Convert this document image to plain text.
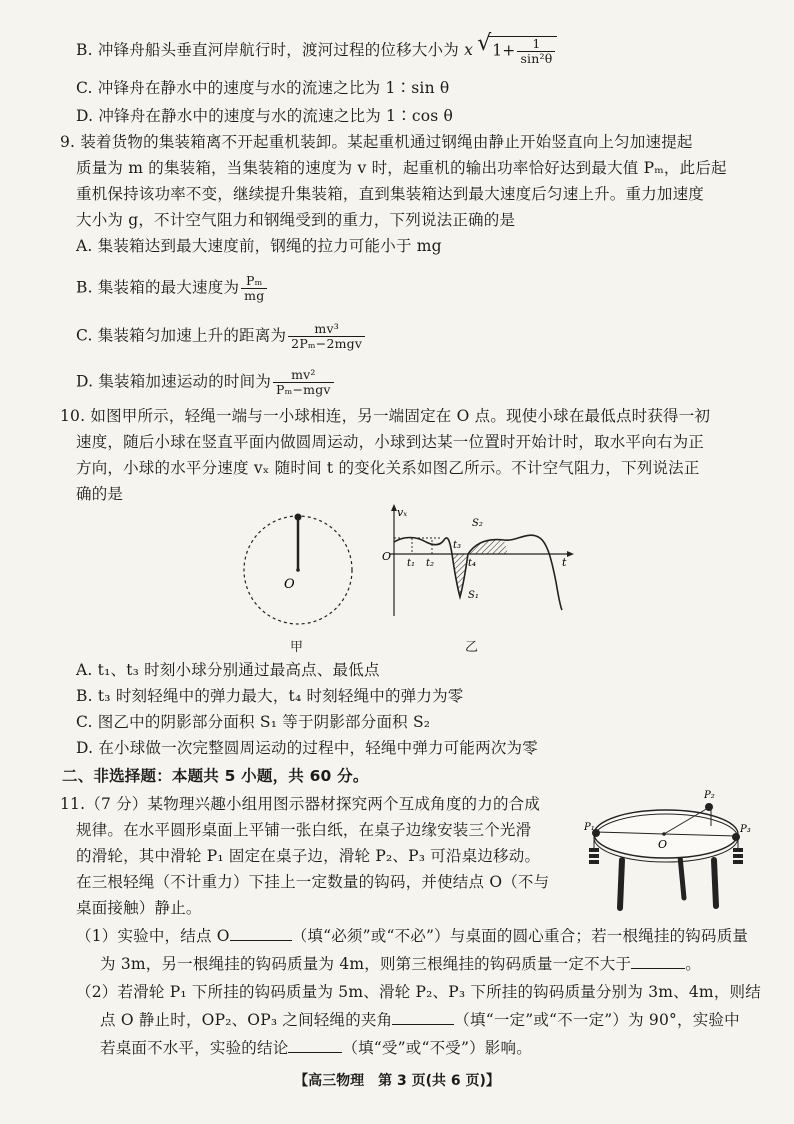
B. 冲锋舟船头垂直河岸航行时，渡河过程的位移大小为 x √ $1+ \frac{1}{\text{sin²θ}}$
C. 冲锋舟在静水中的速度与水的流速之比为 1∶sin θ
D. 冲锋舟在静水中的速度与水的流速之比为 1∶cos θ
9. 装着货物的集装箱离不开起重机装卸。某起重机通过钢绳由静止开始竖直向上匀加速提起
质量为 m 的集装箱，当集装箱的速度为 v 时，起重机的输出功率恰好达到最大值 Pₘ，此后起
重机保持该功率不变，继续提升集装箱，直到集装箱达到最大速度后匀速上升。重力加速度
大小为 g，不计空气阻力和钢绳受到的重力，下列说法正确的是
A. 集装箱达到最大速度前，钢绳的拉力可能小于 mg
B. 集装箱的最大速度为 $\frac{\text{Pₘ}}{mg}$
C. 集装箱匀加速上升的距离为 $\frac{\text{mv³}}{\text{2Pₘ−2mgv}}$
D. 集装箱加速运动的时间为 $\frac{\text{mv²}}{\text{Pₘ−mgv}}$
10. 如图甲所示，轻绳一端与一小球相连，另一端固定在 O 点。现使小球在最低点时获得一初
速度，随后小球在竖直平面内做圆周运动，小球到达某一位置时开始计时，取水平向右为正
方向，小球的水平分速度 vₓ 随时间 t 的变化关系如图乙所示。不计空气阻力，下列说法正
确的是
O
甲
vₓ
O	t
t₁ t₂
t₃
t₄
S₁
S₂
乙
A. t₁、t₃ 时刻小球分别通过最高点、最低点
B. t₃ 时刻轻绳中的弹力最大，t₄ 时刻轻绳中的弹力为零
C. 图乙中的阴影部分面积 S₁ 等于阴影部分面积 S₂
D. 在小球做一次完整圆周运动的过程中，轻绳中弹力可能两次为零
二、非选择题：本题共 5 小题，共 60 分。
11.（7 分）某物理兴趣小组用图示器材探究两个互成角度的力的合成
规律。在水平圆形桌面上平铺一张白纸，在桌子边缘安装三个光滑
的滑轮，其中滑轮 P₁ 固定在桌子边，滑轮 P₂、P₃ 可沿桌边移动。
在三根轻绳（不计重力）下挂上一定数量的钩码，并使结点 O（不与
桌面接触）静止。
P₁
P₂
P₃
O
（1）实验中，结点 O	（填“必须”或“不必”）与桌面的圆心重合；若一根绳挂的钩码质量
为 3m，另一根绳挂的钩码质量为 4m，则第三根绳挂的钩码质量一定不大于	。
（2）若滑轮 P₁ 下所挂的钩码质量为 5m、滑轮 P₂、P₃ 下所挂的钩码质量分别为 3m、4m，则结
点 O 静止时，OP₂、OP₃ 之间轻绳的夹角	（填“一定”或“不一定”）为 90°，实验中
若桌面不水平，实验的结论	（填“受”或“不受”）影响。
【高三物理　第 3 页(共 6 页)】
